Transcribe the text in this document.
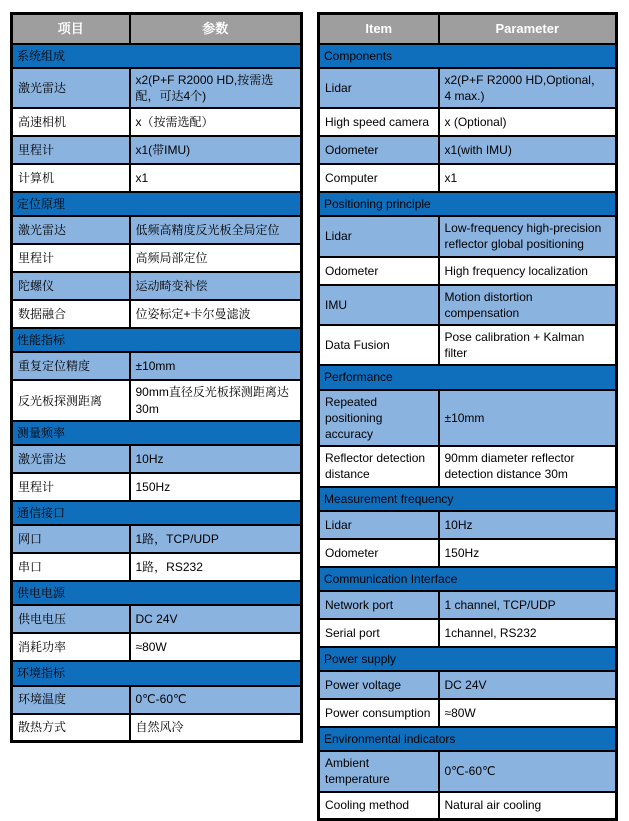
项目	参数
系统组成	
激光雷达	x2(P+F R2000 HD,按需选配，可达4个)
高速相机	x（按需选配）
里程计	x1(带IMU)
计算机	x1
定位原理	
激光雷达	低频高精度反光板全局定位
里程计	高频局部定位
陀螺仪	运动畸变补偿
数据融合	位姿标定+卡尔曼滤波
性能指标	
重复定位精度	±10mm
反光板探测距离	90mm直径反光板探测距离达30m
测量频率	
激光雷达	10Hz
里程计	150Hz
通信接口	
网口	1路，TCP/UDP
串口	1路，RS232
供电电源	
供电电压	DC 24V
消耗功率	≈80W
环境指标	
环境温度	0℃-60℃
散热方式	自然风冷
Item	Parameter
Components	
Lidar	x2(P+F R2000 HD,Optional， 4 max.)
High speed camera	x (Optional)
Odometer	x1(with IMU)
Computer	x1
Positioning principle	
Lidar	Low-frequency high-precision reflector global positioning
Odometer	High frequency localization
IMU	Motion distortion compensation
Data Fusion	Pose calibration + Kalman filter
Performance	
Repeated positioning accuracy	±10mm
Reflector detection distance	90mm diameter reflector detection distance 30m
Measurement frequency	
Lidar	10Hz
Odometer	150Hz
Communication Interface	
Network port	1 channel, TCP/UDP
Serial port	1channel, RS232
Power supply	
Power voltage	DC 24V
Power consumption	≈80W
Environmental indicators	
Ambient temperature	0℃-60℃
Cooling method	Natural air cooling
